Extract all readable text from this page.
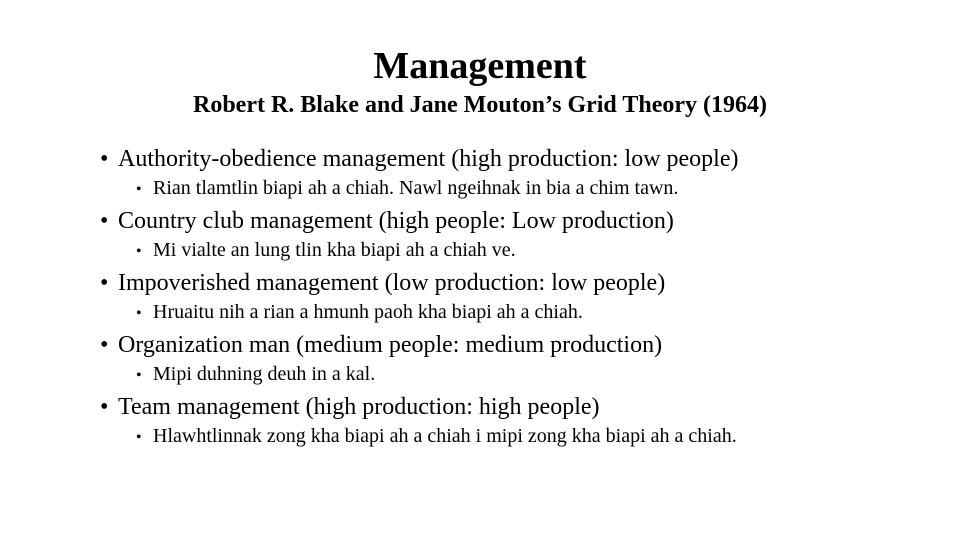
Management
Robert R. Blake and Jane Mouton’s Grid Theory (1964)
• Authority-obedience management (high production: low people)
• Rian tlamtlin biapi ah a chiah. Nawl ngeihnak in bia a chim tawn.
• Country club management (high people: Low production)
• Mi vialte an lung tlin kha biapi ah a chiah ve.
• Impoverished management (low production: low people)
• Hruaitu nih a rian a hmunh paoh kha biapi ah a chiah.
• Organization man (medium people: medium production)
• Mipi duhning deuh in a kal.
• Team management (high production: high people)
• Hlawhtlinnak zong kha biapi ah a chiah i mipi zong kha biapi ah a chiah.
